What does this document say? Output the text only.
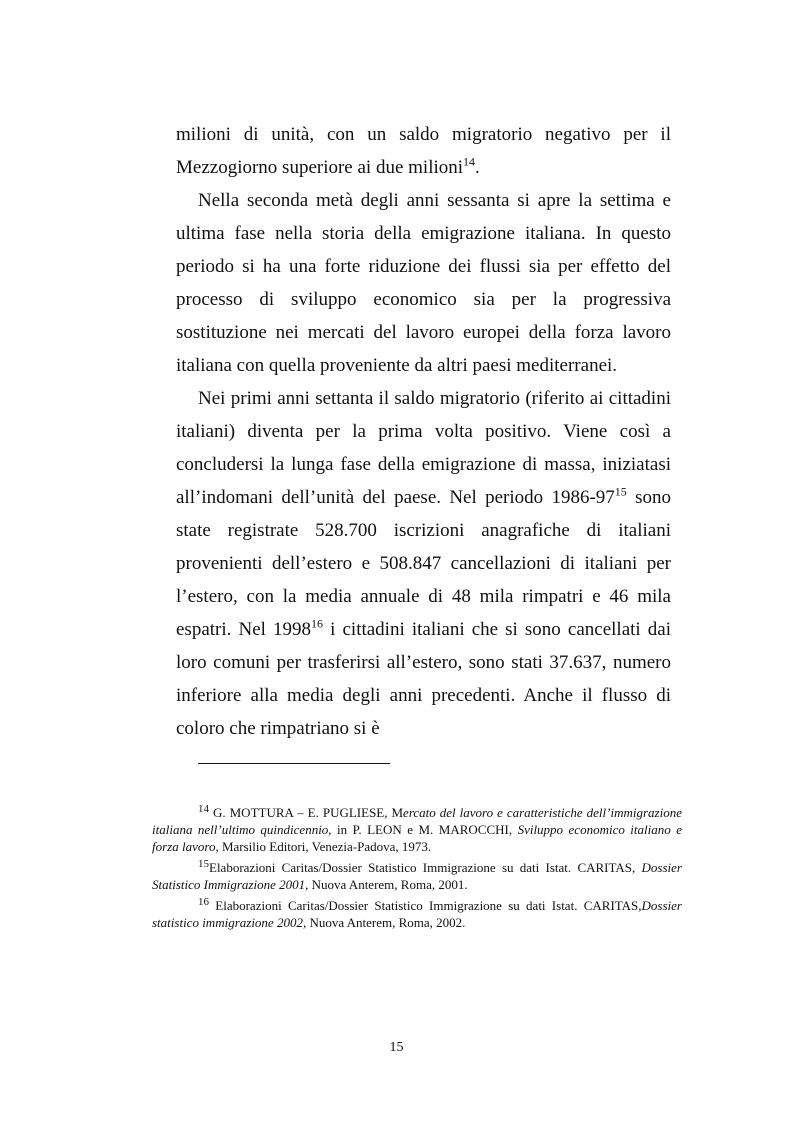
milioni di unità, con un saldo migratorio negativo per il Mezzogiorno superiore ai due milioni$^{14}$.

Nella seconda metà degli anni sessanta si apre la settima e ultima fase nella storia della emigrazione italiana. In questo periodo si ha una forte riduzione dei flussi sia per effetto del processo di sviluppo economico sia per la progressiva sostituzione nei mercati del lavoro europei della forza lavoro italiana con quella proveniente da altri paesi mediterranei.

Nei primi anni settanta il saldo migratorio (riferito ai cittadini italiani) diventa per la prima volta positivo. Viene così a concludersi la lunga fase della emigrazione di massa, iniziatasi all’indomani dell’unità del paese. Nel periodo $1986-97^{15}$ sono state registrate 528.700 iscrizioni anagrafiche di italiani provenienti dell’estero e 508.847 cancellazioni di italiani per l’estero, con la media annuale di 48 mila rimpatri e 46 mila espatri. Nel 1998$^{16}$ i cittadini italiani che si sono cancellati dai loro comuni per trasferirsi all’estero, sono stati 37.637, numero inferiore alla media degli anni precedenti. Anche il flusso di coloro che rimpatriano si è

$^{14}$ G. MOTTURA – E. PUGLIESE, Mercato del lavoro e caratteristiche dell’immigrazione italiana nell’ultimo quindicennio, in P. LEON e M. MAROCCHI, Sviluppo economico italiano e forza lavoro, Marsilio Editori, Venezia-Padova, 1973.

$^{15}$Elaborazioni Caritas/Dossier Statistico Immigrazione su dati Istat. CARITAS, Dossier Statistico Immigrazione 2001, Nuova Anterem, Roma, 2001.

$^{16}$ Elaborazioni Caritas/Dossier Statistico Immigrazione su dati Istat. CARITAS,Dossier statistico immigrazione 2002, Nuova Anterem, Roma, 2002.

15
